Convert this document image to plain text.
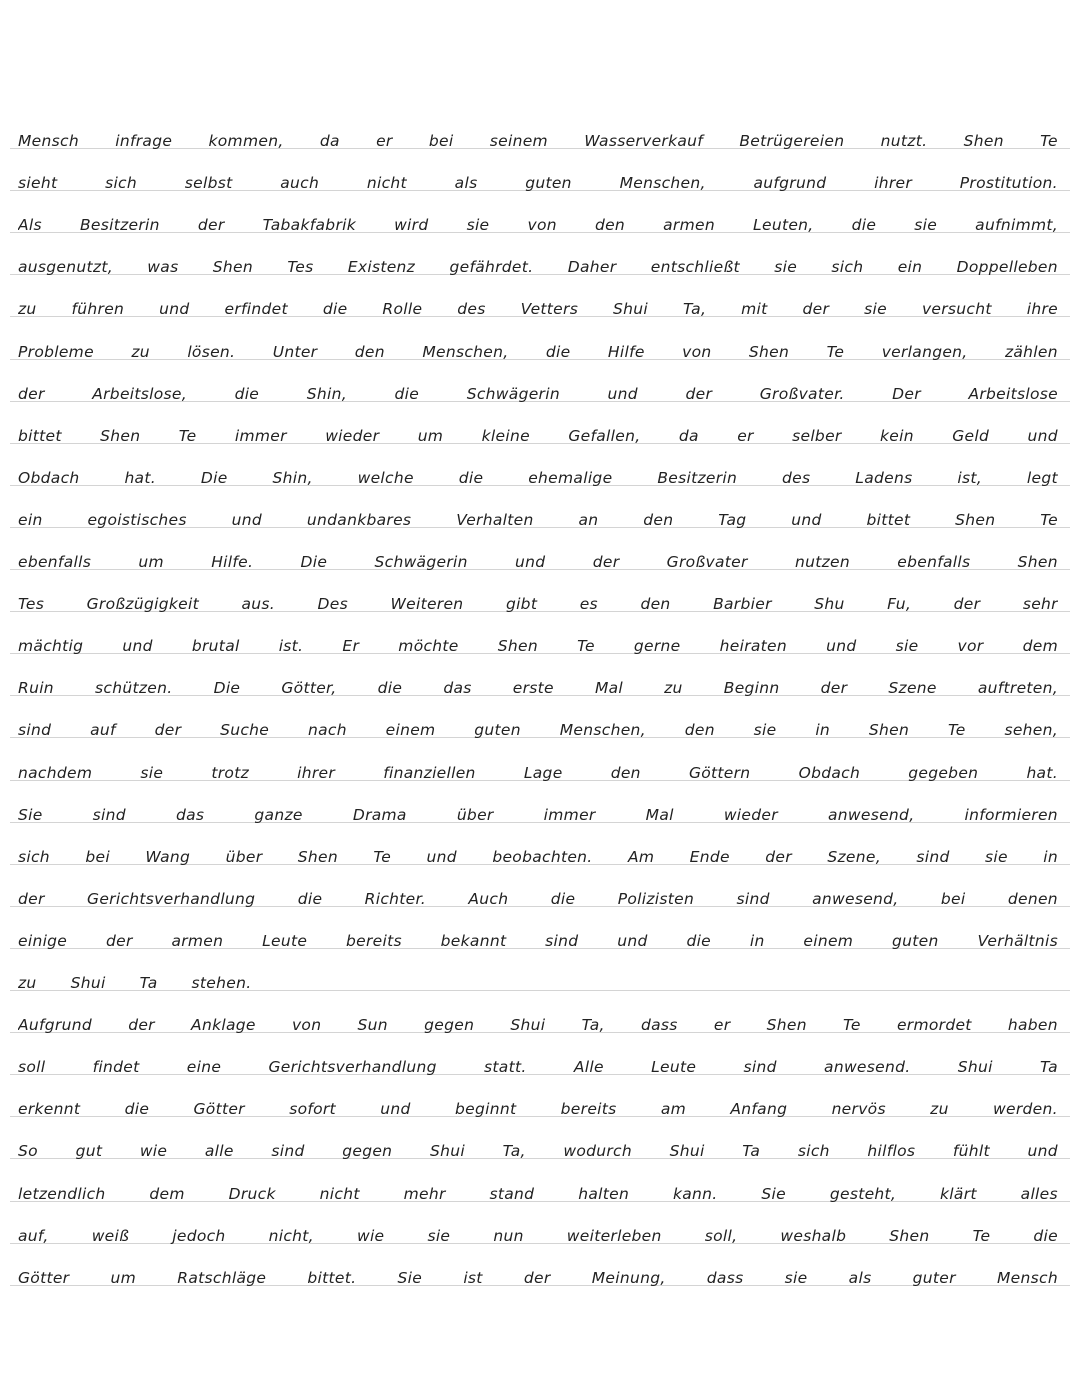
Mensch infrage kommen, da er bei seinem Wasserverkauf Betrügereien nutzt. Shen Te
sieht	sich	selbst	auch	nicht	als	guten	Menschen,	aufgrund	ihrer	Prostitution.
Als Besitzerin der Tabakfabrik wird sie von den armen Leuten, die sie aufnimmt,
ausgenutzt, was Shen Tes Existenz gefährdet. Daher entschließt sie sich ein Doppelleben
zu führen und erfindet die Rolle des Vetters Shui Ta, mit der sie versucht ihre
Probleme zu lösen. Unter den Menschen, die Hilfe von Shen Te verlangen, zählen
der	Arbeitslose,	die	Shin,	die	Schwägerin	und	der	Großvater.	Der	Arbeitslose
bittet Shen Te immer wieder um kleine Gefallen, da er selber kein Geld und
Obdach	hat.	Die	Shin,	welche	die	ehemalige	Besitzerin	des	Ladens	ist,	legt
ein	egoistisches	und	undankbares	Verhalten	an	den	Tag	und	bittet	Shen	Te
ebenfalls	um	Hilfe.	Die	Schwägerin	und	der	Großvater	nutzen	ebenfalls	Shen
Tes	Großzügigkeit	aus.	Des	Weiteren	gibt	es	den	Barbier	Shu	Fu,	der	sehr
mächtig	und	brutal	ist.	Er	möchte	Shen	Te	gerne	heiraten	und	sie	vor	dem
Ruin	schützen.	Die	Götter,	die	das	erste	Mal	zu	Beginn	der	Szene	auftreten,
sind	auf	der	Suche	nach	einem	guten	Menschen,	den	sie	in	Shen	Te	sehen,
nachdem	sie	trotz	ihrer	finanziellen	Lage	den	Göttern	Obdach	gegeben	hat.
Sie	sind	das	ganze	Drama	über	immer	Mal	wieder	anwesend,	informieren
sich bei Wang über Shen Te und beobachten. Am Ende der Szene, sind sie in
der	Gerichtsverhandlung	die	Richter.	Auch	die	Polizisten	sind	anwesend,	bei	denen
einige	der	armen	Leute	bereits	bekannt	sind	und	die	in	einem	guten	Verhältnis
zu Shui Ta stehen.
Aufgrund der Anklage von Sun gegen Shui Ta, dass er Shen Te ermordet haben
soll	findet	eine	Gerichtsverhandlung	statt.	Alle	Leute	sind	anwesend.	Shui	Ta
erkennt	die	Götter	sofort	und	beginnt	bereits	am	Anfang	nervös	zu	werden.
So gut wie alle sind gegen Shui Ta, wodurch Shui Ta sich hilflos fühlt und
letzendlich	dem	Druck	nicht	mehr	stand	halten	kann.	Sie	gesteht,	klärt	alles
auf,	weiß	jedoch	nicht,	wie	sie	nun	weiterleben	soll,	weshalb	Shen	Te	die
Götter	um	Ratschläge	bittet.	Sie	ist	der	Meinung,	dass	sie	als	guter	Mensch
